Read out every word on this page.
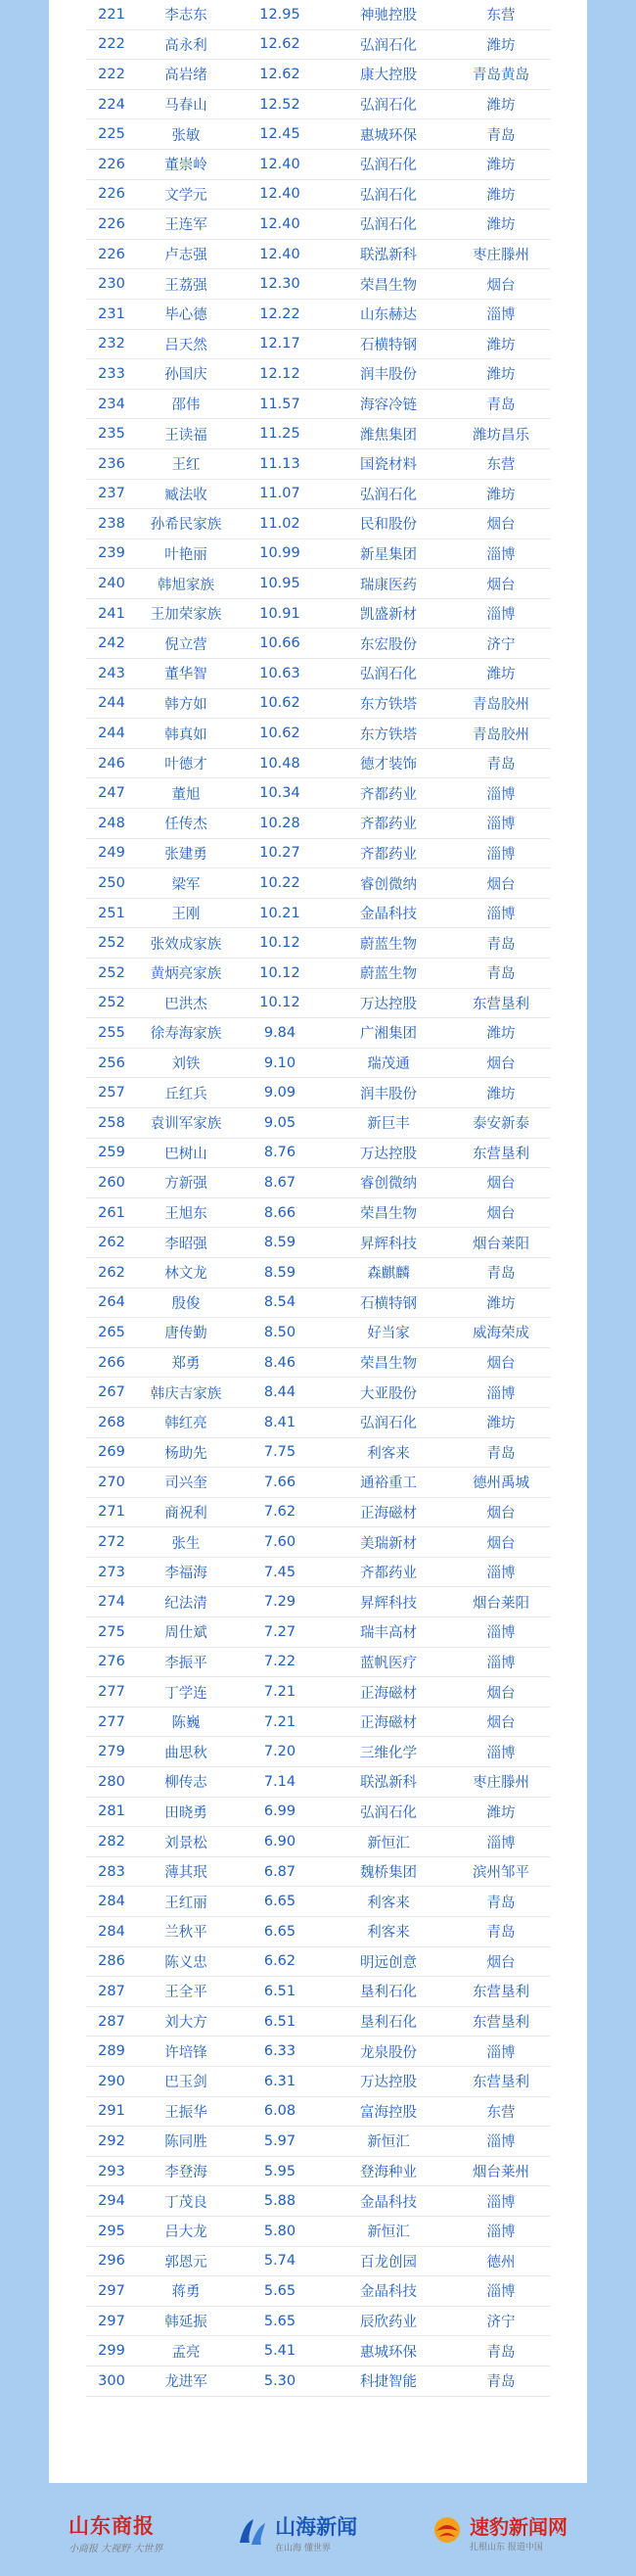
221	李志东	12.95	神驰控股	东营
222	高永利	12.62	弘润石化	潍坊
222	高岩绪	12.62	康大控股	青岛黄岛
224	马春山	12.52	弘润石化	潍坊
225	张敏	12.45	惠城环保	青岛
226	董崇岭	12.40	弘润石化	潍坊
226	文学元	12.40	弘润石化	潍坊
226	王连军	12.40	弘润石化	潍坊
226	卢志强	12.40	联泓新科	枣庄滕州
230	王荔强	12.30	荣昌生物	烟台
231	毕心德	12.22	山东赫达	淄博
232	吕天然	12.17	石横特钢	潍坊
233	孙国庆	12.12	润丰股份	潍坊
234	邵伟	11.57	海容冷链	青岛
235	王读福	11.25	潍焦集团	潍坊昌乐
236	王红	11.13	国瓷材料	东营
237	臧法收	11.07	弘润石化	潍坊
238	孙希民家族	11.02	民和股份	烟台
239	叶艳丽	10.99	新星集团	淄博
240	韩旭家族	10.95	瑞康医药	烟台
241	王加荣家族	10.91	凯盛新材	淄博
242	倪立营	10.66	东宏股份	济宁
243	董华智	10.63	弘润石化	潍坊
244	韩方如	10.62	东方铁塔	青岛胶州
244	韩真如	10.62	东方铁塔	青岛胶州
246	叶德才	10.48	德才装饰	青岛
247	董旭	10.34	齐都药业	淄博
248	任传杰	10.28	齐都药业	淄博
249	张建勇	10.27	齐都药业	淄博
250	梁军	10.22	睿创微纳	烟台
251	王刚	10.21	金晶科技	淄博
252	张效成家族	10.12	蔚蓝生物	青岛
252	黄炳亮家族	10.12	蔚蓝生物	青岛
252	巴洪杰	10.12	万达控股	东营垦利
255	徐寿海家族	9.84	广湘集团	潍坊
256	刘铁	9.10	瑞茂通	烟台
257	丘红兵	9.09	润丰股份	潍坊
258	袁训军家族	9.05	新巨丰	泰安新泰
259	巴树山	8.76	万达控股	东营垦利
260	方新强	8.67	睿创微纳	烟台
261	王旭东	8.66	荣昌生物	烟台
262	李昭强	8.59	昇辉科技	烟台莱阳
262	林文龙	8.59	森麒麟	青岛
264	殷俊	8.54	石横特钢	潍坊
265	唐传勤	8.50	好当家	威海荣成
266	郑勇	8.46	荣昌生物	烟台
267	韩庆吉家族	8.44	大亚股份	淄博
268	韩红亮	8.41	弘润石化	潍坊
269	杨助先	7.75	利客来	青岛
270	司兴奎	7.66	通裕重工	德州禹城
271	商祝利	7.62	正海磁材	烟台
272	张生	7.60	美瑞新材	烟台
273	李福海	7.45	齐都药业	淄博
274	纪法清	7.29	昇辉科技	烟台莱阳
275	周仕斌	7.27	瑞丰高材	淄博
276	李振平	7.22	蓝帆医疗	淄博
277	丁学连	7.21	正海磁材	烟台
277	陈巍	7.21	正海磁材	烟台
279	曲思秋	7.20	三维化学	淄博
280	柳传志	7.14	联泓新科	枣庄滕州
281	田晓勇	6.99	弘润石化	潍坊
282	刘景松	6.90	新恒汇	淄博
283	薄其珉	6.87	魏桥集团	滨州邹平
284	王红丽	6.65	利客来	青岛
284	兰秋平	6.65	利客来	青岛
286	陈义忠	6.62	明远创意	烟台
287	王全平	6.51	垦利石化	东营垦利
287	刘大方	6.51	垦利石化	东营垦利
289	许培锋	6.33	龙泉股份	淄博
290	巴玉剑	6.31	万达控股	东营垦利
291	王振华	6.08	富海控股	东营
292	陈同胜	5.97	新恒汇	淄博
293	李登海	5.95	登海种业	烟台莱州
294	丁茂良	5.88	金晶科技	淄博
295	吕大龙	5.80	新恒汇	淄博
296	郭恩元	5.74	百龙创园	德州
297	蒋勇	5.65	金晶科技	淄博
297	韩延振	5.65	辰欣药业	济宁
299	孟亮	5.41	惠城环保	青岛
300	龙进军	5.30	科捷智能	青岛
山东商报
小商报 大视野 大世界
山海新闻
在山海 懂世界
速豹新闻网
扎根山东 报道中国
